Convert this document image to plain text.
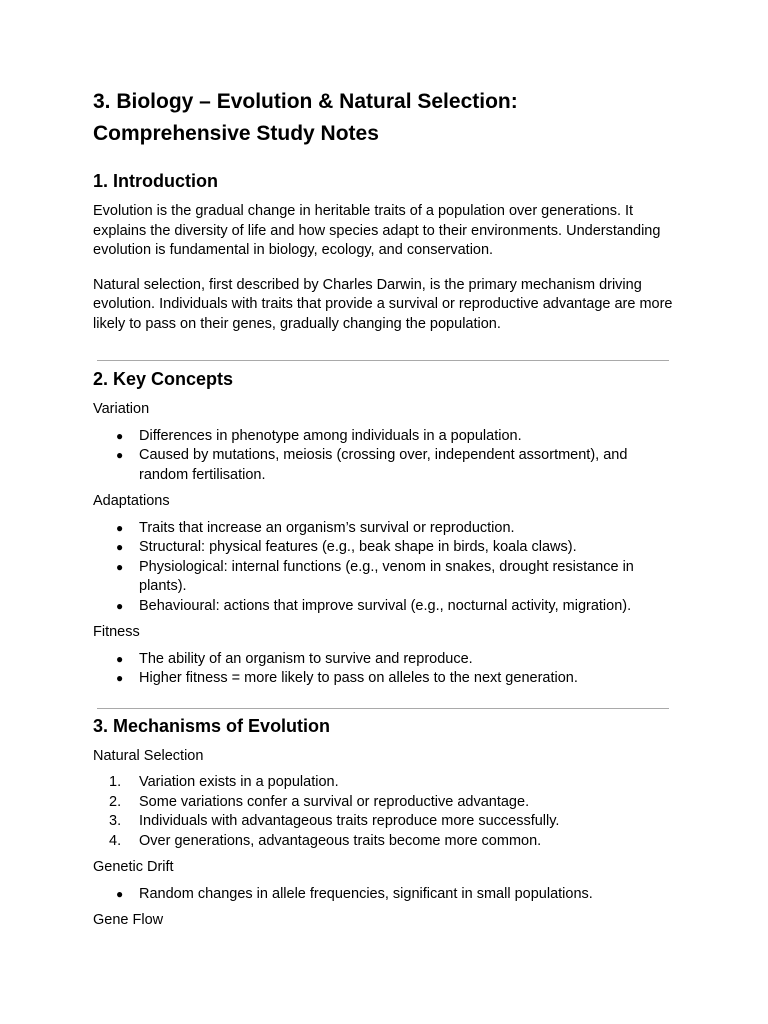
3. Biology – Evolution & Natural Selection:
Comprehensive Study Notes
1. Introduction

Evolution is the gradual change in heritable traits of a population over generations. It explains the diversity of life and how species adapt to their environments. Understanding evolution is fundamental in biology, ecology, and conservation.

Natural selection, first described by Charles Darwin, is the primary mechanism driving evolution. Individuals with traits that provide a survival or reproductive advantage are more likely to pass on their genes, gradually changing the population.

2. Key Concepts
Variation
● Differences in phenotype among individuals in a population.
● Caused by mutations, meiosis (crossing over, independent assortment), and random fertilisation.
Adaptations
● Traits that increase an organism’s survival or reproduction.
● Structural: physical features (e.g., beak shape in birds, koala claws).
● Physiological: internal functions (e.g., venom in snakes, drought resistance in plants).
● Behavioural: actions that improve survival (e.g., nocturnal activity, migration).
Fitness
● The ability of an organism to survive and reproduce.
● Higher fitness = more likely to pass on alleles to the next generation.
3. Mechanisms of Evolution
Natural Selection
1.	Variation exists in a population.
2.	Some variations confer a survival or reproductive advantage.
3.	Individuals with advantageous traits reproduce more successfully.
4.	Over generations, advantageous traits become more common.
Genetic Drift
● Random changes in allele frequencies, significant in small populations.
Gene Flow
